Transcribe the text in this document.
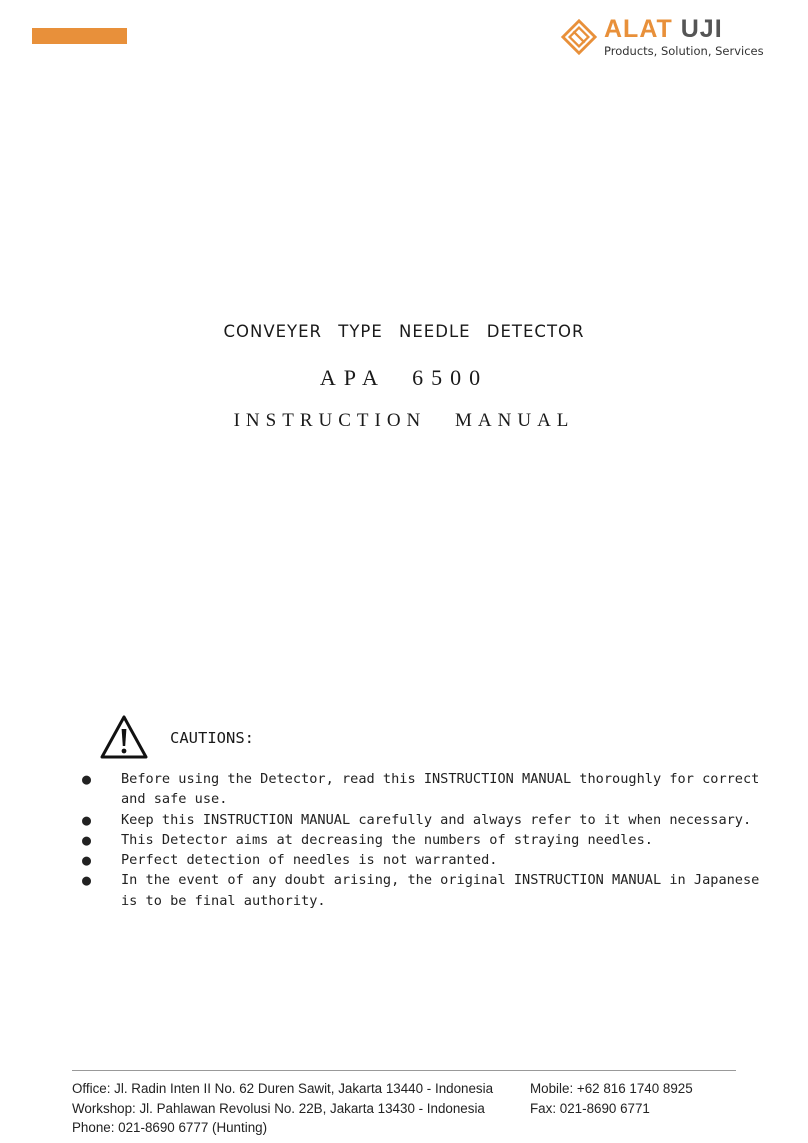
ALAT UJI
Products, Solution, Services
CONVEYER TYPE NEEDLE DETECTOR
APA 6500
INSTRUCTION MANUAL
CAUTIONS:
● Before using the Detector, read this INSTRUCTION MANUAL thoroughly for correct and safe use.
● Keep this INSTRUCTION MANUAL carefully and always refer to it when necessary.
● This Detector aims at decreasing the numbers of straying needles.
● Perfect detection of needles is not warranted.
● In the event of any doubt arising, the original INSTRUCTION MANUAL in Japanese is to be final authority.
Office: Jl. Radin Inten II No. 62 Duren Sawit, Jakarta 13440 - Indonesia
Workshop: Jl. Pahlawan Revolusi No. 22B, Jakarta 13430 - Indonesia
Phone: 021-8690 6777 (Hunting)
Mobile: +62 816 1740 8925
Fax: 021-8690 6771
